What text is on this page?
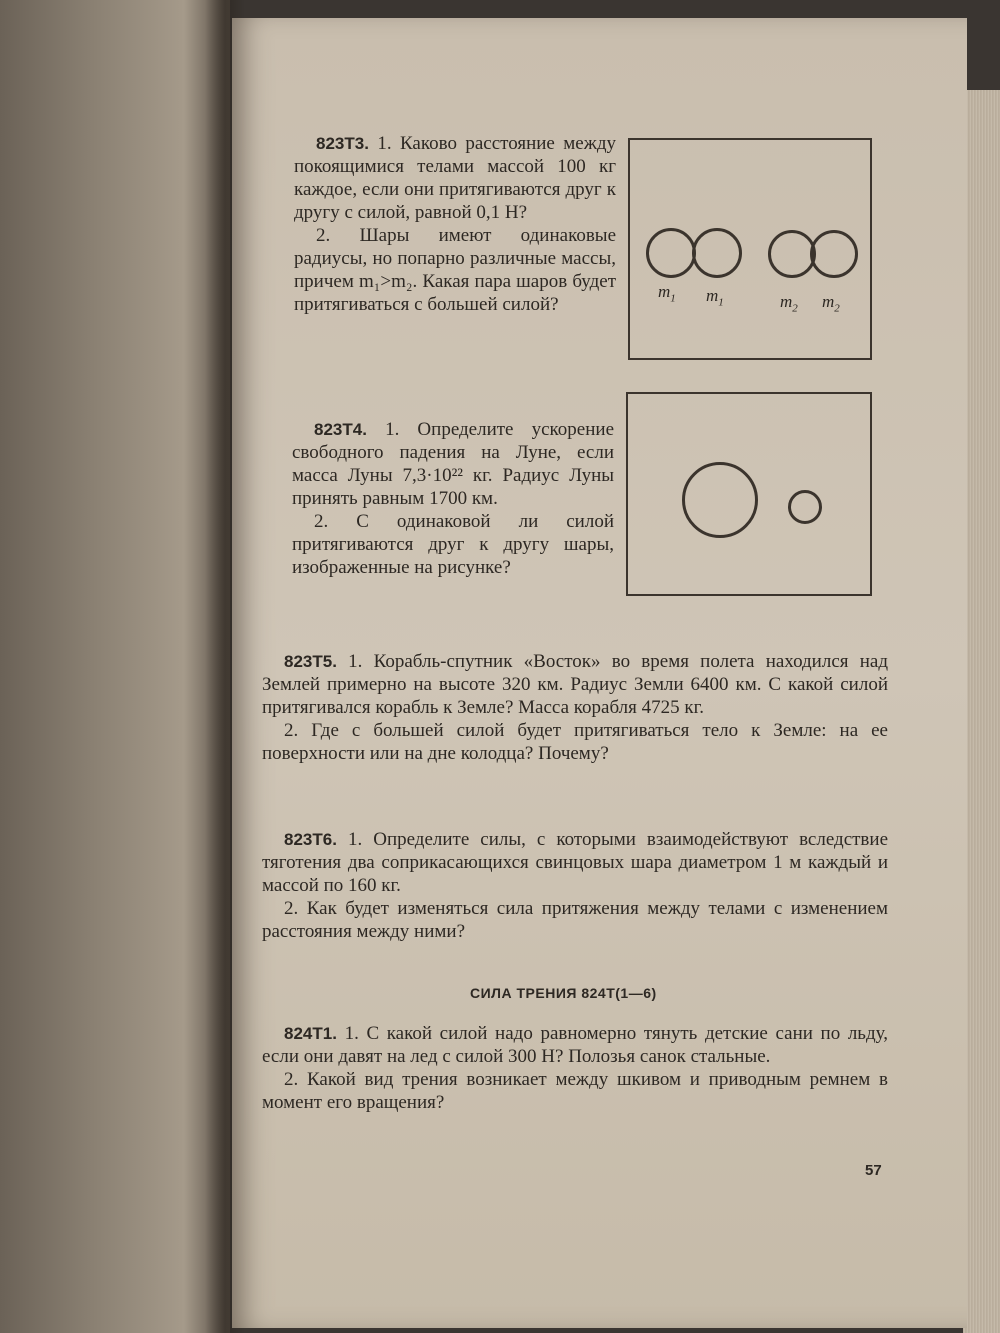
823Т3. 1. Каково расстояние между покоящимися телами массой 100 кг каждое, если они притягиваются друг к другу с силой, равной 0,1 Н?

2. Шары имеют одинаковые радиусы, но попарно различные массы, причем m₁>m₂. Какая пара шаров будет притягиваться с большей силой?

$m_1$ $m_1$	$m_2$ $m_2$

823Т4. 1. Определите ускорение свободного падения на Луне, если масса Луны 7,3·10²² кг. Радиус Луны принять равным 1700 км.

2. С одинаковой ли силой притягиваются друг к другу шары, изображенные на рисунке?

823Т5. 1. Корабль-спутник «Восток» во время полета находился над Землей примерно на высоте 320 км. Радиус Земли 6400 км. С какой силой притягивался корабль к Земле? Масса корабля 4725 кг.

2. Где с большей силой будет притягиваться тело к Земле: на ее поверхности или на дне колодца? Почему?

823Т6. 1. Определите силы, с которыми взаимодействуют вследствие тяготения два соприкасающихся свинцовых шара диаметром 1 м каждый и массой по 160 кг.

2. Как будет изменяться сила притяжения между телами с изменением расстояния между ними?

СИЛА ТРЕНИЯ 824Т(1—6)

824Т1. 1. С какой силой надо равномерно тянуть детские сани по льду, если они давят на лед с силой 300 Н? Полозья санок стальные.

2. Какой вид трения возникает между шкивом и приводным ремнем в момент его вращения?

57
